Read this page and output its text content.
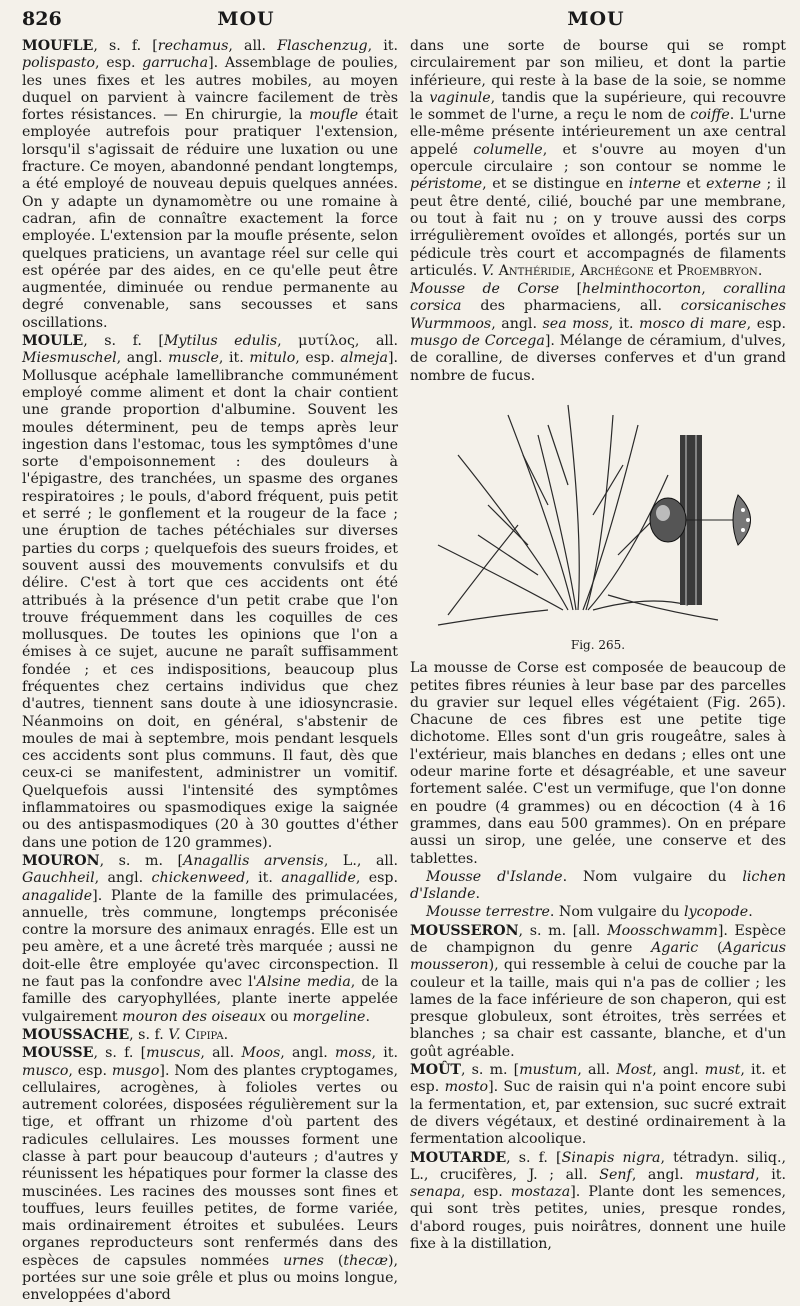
826	MOU	MOU

MOUFLE, s. f. [rechamus, all. Flaschenzug, it. polispasto, esp. garrucha]. Assemblage de poulies, les unes fixes et les autres mobiles, au moyen duquel on parvient à vaincre facilement de très fortes résistances. — En chirurgie, la moufle était employée autrefois pour pratiquer l'extension, lorsqu'il s'agissait de réduire une luxation ou une fracture. Ce moyen, abandonné pendant longtemps, a été employé de nouveau depuis quelques années. On y adapte un dynamomètre ou une romaine à cadran, afin de connaître exactement la force employée. L'extension par la moufle présente, selon quelques praticiens, un avantage réel sur celle qui est opérée par des aides, en ce qu'elle peut être augmentée, diminuée ou rendue permanente au degré convenable, sans secousses et sans oscillations.

MOULE, s. f. [Mytilus edulis, μυτίλος, all. Miesmuschel, angl. muscle, it. mitulo, esp. almeja]. Mollusque acéphale lamellibranche communément employé comme aliment et dont la chair contient une grande proportion d'albumine. Souvent les moules déterminent, peu de temps après leur ingestion dans l'estomac, tous les symptômes d'une sorte d'empoisonnement : des douleurs à l'épigastre, des tranchées, un spasme des organes respiratoires ; le pouls, d'abord fréquent, puis petit et serré ; le gonflement et la rougeur de la face ; une éruption de taches pétéchiales sur diverses parties du corps ; quelquefois des sueurs froides, et souvent aussi des mouvements convulsifs et du délire. C'est à tort que ces accidents ont été attribués à la présence d'un petit crabe que l'on trouve fréquemment dans les coquilles de ces mollusques. De toutes les opinions que l'on a émises à ce sujet, aucune ne paraît suffisamment fondée ; et ces indispositions, beaucoup plus fréquentes chez certains individus que chez d'autres, tiennent sans doute à une idiosyncrasie. Néanmoins on doit, en général, s'abstenir de moules de mai à septembre, mois pendant lesquels ces accidents sont plus communs. Il faut, dès que ceux-ci se manifestent, administrer un vomitif. Quelquefois aussi l'intensité des symptômes inflammatoires ou spasmodiques exige la saignée ou des antispasmodiques (20 à 30 gouttes d'éther dans une potion de 120 grammes).

MOURON, s. m. [Anagallis arvensis, L., all. Gauchheil, angl. chickenweed, it. anagallide, esp. anagalide]. Plante de la famille des primulacées, annuelle, très commune, longtemps préconisée contre la morsure des animaux enragés. Elle est un peu amère, et a une âcreté très marquée ; aussi ne doit-elle être employée qu'avec circonspection. Il ne faut pas la confondre avec l'Alsine media, de la famille des caryophyllées, plante inerte appelée vulgairement mouron des oiseaux ou morgeline.

MOUSSACHE, s. f. V. Cipipa.

MOUSSE, s. f. [muscus, all. Moos, angl. moss, it. musco, esp. musgo]. Nom des plantes cryptogames, cellulaires, acrogènes, à folioles vertes ou autrement colorées, disposées régulièrement sur la tige, et offrant un rhizome d'où partent des radicules cellulaires. Les mousses forment une classe à part pour beaucoup d'auteurs ; d'autres y réunissent les hépatiques pour former la classe des muscinées. Les racines des mousses sont fines et touffues, leurs feuilles petites, de forme variée, mais ordinairement étroites et subulées. Leurs organes reproducteurs sont renfermés dans des espèces de capsules nommées urnes (thecæ), portées sur une soie grêle et plus ou moins longue, enveloppées d'abord

dans une sorte de bourse qui se rompt circulairement par son milieu, et dont la partie inférieure, qui reste à la base de la soie, se nomme la vaginule, tandis que la supérieure, qui recouvre le sommet de l'urne, a reçu le nom de coiffe. L'urne elle-même présente intérieurement un axe central appelé columelle, et s'ouvre au moyen d'un opercule circulaire ; son contour se nomme le péristome, et se distingue en interne et externe ; il peut être denté, cilié, bouché par une membrane, ou tout à fait nu ; on y trouve aussi des corps irrégulièrement ovoïdes et allongés, portés sur un pédicule très court et accompagnés de filaments articulés. V. Anthéridie, Archégone et Proembryon.

Mousse de Corse [helminthocorton, corallina corsica des pharmaciens, all. corsicanisches Wurmmoos, angl. sea moss, it. mosco di mare, esp. musgo de Corcega]. Mélange de céramium, d'ulves, de coralline, de diverses conferves et d'un grand nombre de fucus.

Fig. 265.

La mousse de Corse est composée de beaucoup de petites fibres réunies à leur base par des parcelles du gravier sur lequel elles végétaient (Fig. 265). Chacune de ces fibres est une petite tige dichotome. Elles sont d'un gris rougeâtre, sales à l'extérieur, mais blanches en dedans ; elles ont une odeur marine forte et désagréable, et une saveur fortement salée. C'est un vermifuge, que l'on donne en poudre (4 grammes) ou en décoction (4 à 16 grammes, dans eau 500 grammes). On en prépare aussi un sirop, une gelée, une conserve et des tablettes.

Mousse d'Islande. Nom vulgaire du lichen d'Islande.

Mousse terrestre. Nom vulgaire du lycopode.

MOUSSERON, s. m. [all. Moosschwamm]. Espèce de champignon du genre Agaric (Agaricus mousseron), qui ressemble à celui de couche par la couleur et la taille, mais qui n'a pas de collier ; les lames de la face inférieure de son chaperon, qui est presque globuleux, sont étroites, très serrées et blanches ; sa chair est cassante, blanche, et d'un goût agréable.

MOÛT, s. m. [mustum, all. Most, angl. must, it. et esp. mosto]. Suc de raisin qui n'a point encore subi la fermentation, et, par extension, suc sucré extrait de divers végétaux, et destiné ordinairement à la fermentation alcoolique.

MOUTARDE, s. f. [Sinapis nigra, tétradyn. siliq., L., crucifères, J. ; all. Senf, angl. mustard, it. senapa, esp. mostaza]. Plante dont les semences, qui sont très petites, unies, presque rondes, d'abord rouges, puis noirâtres, donnent une huile fixe à la distillation,
